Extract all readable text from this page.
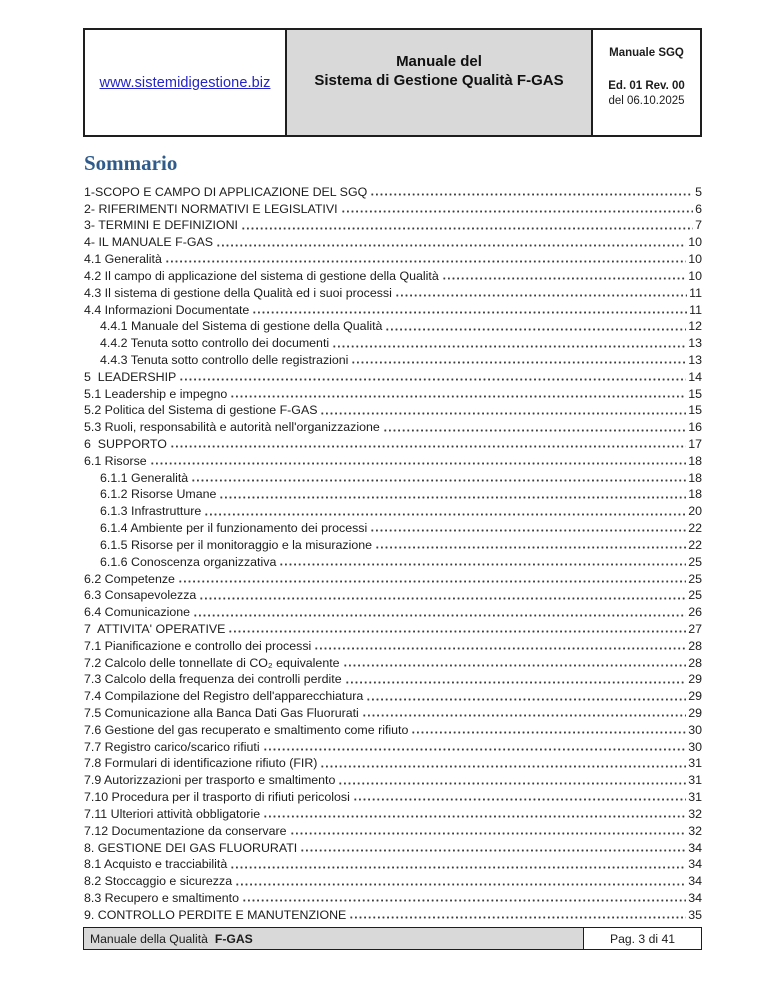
www.sistemidigestione.biz
Manuale del
Sistema di Gestione Qualità F-GAS
Manuale SGQ
Ed. 01 Rev. 00
del 06.10.2025
Sommario
1-SCOPO E CAMPO DI APPLICAZIONE DEL SGQ	5
2- RIFERIMENTI NORMATIVI E LEGISLATIVI	6
3- TERMINI E DEFINIZIONI	7
4- IL MANUALE F-GAS	10
4.1 Generalità	10
4.2 Il campo di applicazione del sistema di gestione della Qualità	10
4.3 Il sistema di gestione della Qualità ed i suoi processi	11
4.4 Informazioni Documentate	11
4.4.1 Manuale del Sistema di gestione della Qualità	12
4.4.2 Tenuta sotto controllo dei documenti	13
4.4.3 Tenuta sotto controllo delle registrazioni	13
5  LEADERSHIP	14
5.1 Leadership e impegno	15
5.2 Politica del Sistema di gestione F-GAS	15
5.3 Ruoli, responsabilità e autorità nell'organizzazione	16
6  SUPPORTO	17
6.1 Risorse	18
6.1.1 Generalità	18
6.1.2 Risorse Umane	18
6.1.3 Infrastrutture	20
6.1.4 Ambiente per il funzionamento dei processi	22
6.1.5 Risorse per il monitoraggio e la misurazione	22
6.1.6 Conoscenza organizzativa	25
6.2 Competenze	25
6.3 Consapevolezza	25
6.4 Comunicazione	26
7  ATTIVITA' OPERATIVE	27
7.1 Pianificazione e controllo dei processi	28
7.2 Calcolo delle tonnellate di CO₂ equivalente	28
7.3 Calcolo della frequenza dei controlli perdite	29
7.4 Compilazione del Registro dell'apparecchiatura	29
7.5 Comunicazione alla Banca Dati Gas Fluorurati	29
7.6 Gestione del gas recuperato e smaltimento come rifiuto	30
7.7 Registro carico/scarico rifiuti	30
7.8 Formulari di identificazione rifiuto (FIR)	31
7.9 Autorizzazioni per trasporto e smaltimento	31
7.10 Procedura per il trasporto di rifiuti pericolosi	31
7.11 Ulteriori attività obbligatorie	32
7.12 Documentazione da conservare	32
8. GESTIONE DEI GAS FLUORURATI	34
8.1 Acquisto e tracciabilità	34
8.2 Stoccaggio e sicurezza	34
8.3 Recupero e smaltimento	34
9. CONTROLLO PERDITE E MANUTENZIONE	35
Manuale della Qualità F-GAS	Pag. 3 di 41
